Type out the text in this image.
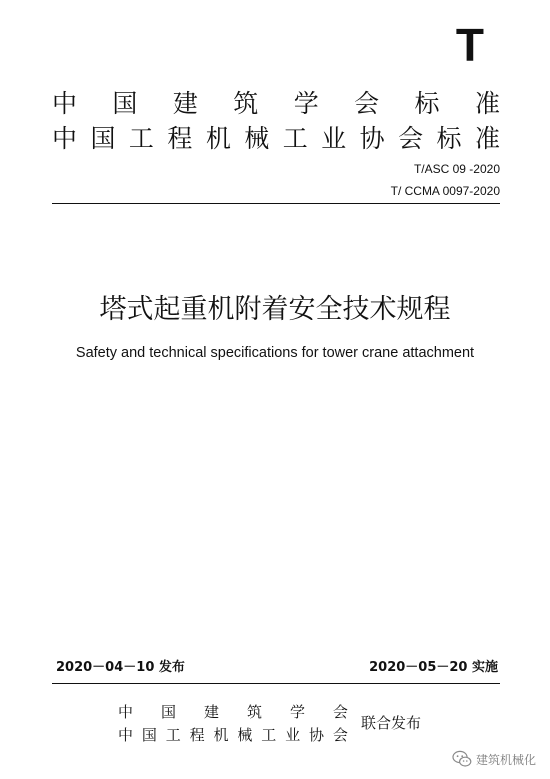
T
中 国 建 筑 学 会 标 准
中 国 工 程 机 械 工 业 协 会 标 准
T/ASC 09 -2020
T/ CCMA 0097-2020
塔式起重机附着安全技术规程
Safety and technical specifications for tower crane attachment
2020－04－10 发布	2020－05－20 实施
中 国 建 筑 学 会
中 国 工 程 机 械 工 业 协 会
联合发布
建筑机械化
